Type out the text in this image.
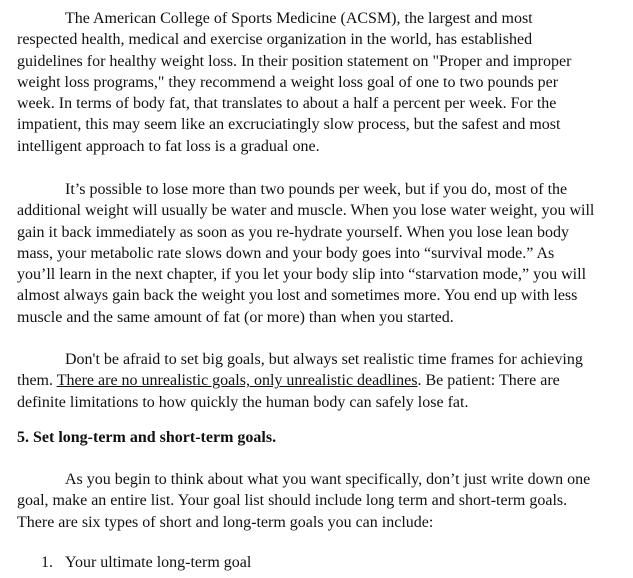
The American College of Sports Medicine (ACSM), the largest and most
respected health, medical and exercise organization in the world, has established
guidelines for healthy weight loss. In their position statement on "Proper and improper
weight loss programs," they recommend a weight loss goal of one to two pounds per
week. In terms of body fat, that translates to about a half a percent per week. For the
impatient, this may seem like an excruciatingly slow process, but the safest and most
intelligent approach to fat loss is a gradual one.
It’s possible to lose more than two pounds per week, but if you do, most of the
additional weight will usually be water and muscle. When you lose water weight, you will
gain it back immediately as soon as you re-hydrate yourself. When you lose lean body
mass, your metabolic rate slows down and your body goes into “survival mode.” As
you’ll learn in the next chapter, if you let your body slip into “starvation mode,” you will
almost always gain back the weight you lost and sometimes more. You end up with less
muscle and the same amount of fat (or more) than when you started.
Don't be afraid to set big goals, but always set realistic time frames for achieving
them. There are no unrealistic goals, only unrealistic deadlines. Be patient: There are
definite limitations to how quickly the human body can safely lose fat.
5. Set long-term and short-term goals.
As you begin to think about what you want specifically, don’t just write down one
goal, make an entire list. Your goal list should include long term and short-term goals.
There are six types of short and long-term goals you can include:
1. Your ultimate long-term goal
